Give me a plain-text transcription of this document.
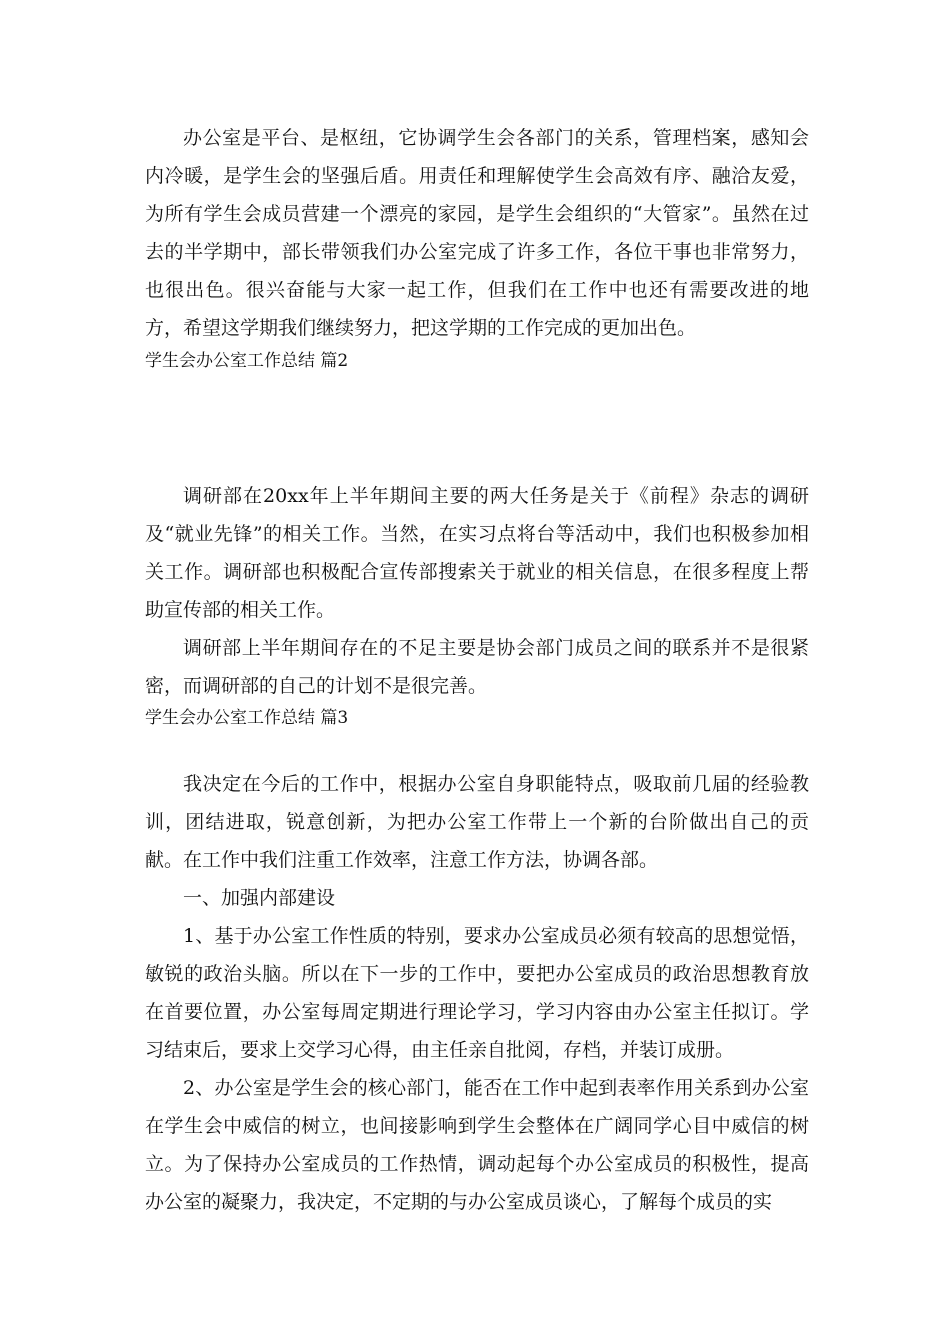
办公室是平台、是枢纽，它协调学生会各部门的关系，管理档案，感知会内冷暖，是学生会的坚强后盾。用责任和理解使学生会高效有序、融洽友爱，为所有学生会成员营建一个漂亮的家园，是学生会组织的“大管家”。虽然在过去的半学期中，部长带领我们办公室完成了许多工作，各位干事也非常努力，也很出色。很兴奋能与大家一起工作，但我们在工作中也还有需要改进的地方，希望这学期我们继续努力，把这学期的工作完成的更加出色。

学生会办公室工作总结 篇2

调研部在20xx年上半年期间主要的两大任务是关于《前程》杂志的调研及“就业先锋”的相关工作。当然，在实习点将台等活动中，我们也积极参加相关工作。调研部也积极配合宣传部搜索关于就业的相关信息，在很多程度上帮助宣传部的相关工作。

调研部上半年期间存在的不足主要是协会部门成员之间的联系并不是很紧密，而调研部的自己的计划不是很完善。

学生会办公室工作总结 篇3

我决定在今后的工作中，根据办公室自身职能特点，吸取前几届的经验教训，团结进取，锐意创新，为把办公室工作带上一个新的台阶做出自己的贡献。在工作中我们注重工作效率，注意工作方法，协调各部。

一、加强内部建设

1、基于办公室工作性质的特别，要求办公室成员必须有较高的思想觉悟，敏锐的政治头脑。所以在下一步的工作中，要把办公室成员的政治思想教育放在首要位置，办公室每周定期进行理论学习，学习内容由办公室主任拟订。学习结束后，要求上交学习心得，由主任亲自批阅，存档，并装订成册。

2、办公室是学生会的核心部门，能否在工作中起到表率作用关系到办公室在学生会中威信的树立，也间接影响到学生会整体在广阔同学心目中威信的树立。为了保持办公室成员的工作热情，调动起每个办公室成员的积极性，提高办公室的凝聚力，我决定，不定期的与办公室成员谈心，了解每个成员的实
